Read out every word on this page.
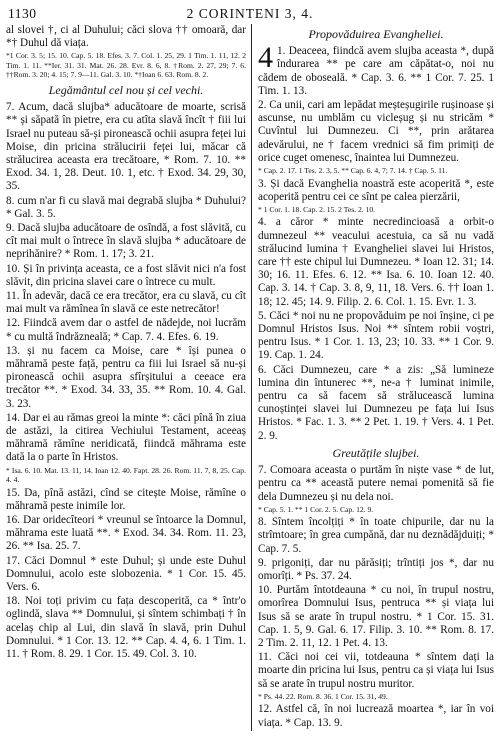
1130	2 CORINTENI 3, 4.
al slovei †, ci al Duhului; căci slova †† omoară, dar *† Duhul dă viața.
*1 Cor. 3. 5; 15. 10. Cap. 5. 18. Efes. 3. 7. Col. 1. 25, 29. 1 Tim. 1. 11, 12. 2 Tim. 1. 11. **Ier. 31. 31. Mat. 26. 28. Evr. 8. 6, 8. †Rom. 2. 27, 29; 7. 6. ††Rom. 3. 20; 4. 15; 7. 9—11. Gal. 3. 10. *†Ioan 6. 63. Rom. 8. 2.
Legământul cel nou și cel vechi.
7. Acum, dacă slujba* aducătoare de moarte, scrisă ** și săpată în pietre, era cu atîta slavă încît † fiii lui Israel nu puteau să-și pironească ochii asupra feței lui Moise, din pricina strălucirii feței lui, măcar că strălucirea aceasta era trecătoare, * Rom. 7. 10. ** Exod. 34. 1, 28. Deut. 10. 1, etc. † Exod. 34. 29, 30, 35.
8. cum n'ar fi cu slavă mai degrabă slujba * Duhului? * Gal. 3. 5.
9. Dacă slujba aducătoare de osîndă, a fost slăvită, cu cît mai mult o întrece în slavă slujba * aducătoare de neprihănire? * Rom. 1. 17; 3. 21.
10. Și în privința aceasta, ce a fost slăvit nici n'a fost slăvit, din pricina slavei care o întrece cu mult.
11. În adevăr, dacă ce era trecător, era cu slavă, cu cît mai mult va rămînea în slavă ce este netrecător!
12. Fiindcă avem dar o astfel de nădejde, noi lucrăm * cu multă îndrăzneală; * Cap. 7. 4. Efes. 6. 19.
13. și nu facem ca Moise, care * își punea o măhramă peste față, pentru ca fiii lui Israel să nu-și pironească ochii asupra sfîrșitului a ceeace era trecător **. * Exod. 34. 33, 35. ** Rom. 10. 4. Gal. 3. 23.
14. Dar ei au rămas greoi la minte *: căci pînă în ziua de astăzi, la citirea Vechiului Testament, aceeaș măhramă rămîne neridicată, fiindcă măhrama este dată la o parte în Hristos.
* Isa. 6. 10. Mat. 13. 11, 14. Ioan 12. 40. Fapt. 28. 26. Rom. 11. 7, 8, 25. Cap. 4. 4.
15. Da, pînă astăzi, cînd se citește Moise, rămîne o măhramă peste inimile lor.
16. Dar oridecîteori * vreunul se întoarce la Domnul, măhrama este luată **. * Exod. 34. 34. Rom. 11. 23, 26. ** Isa. 25. 7.
17. Căci Domnul * este Duhul; și unde este Duhul Domnului, acolo este slobozenia. * 1 Cor. 15. 45. Vers. 6.
18. Noi toți privim cu fața descoperită, ca * într'o oglindă, slava ** Domnului, și sîntem schimbați † în acelaș chip al Lui, din slavă în slavă, prin Duhul Domnului. * 1 Cor. 13. 12. ** Cap. 4. 4, 6. 1 Tim. 1. 11. † Rom. 8. 29. 1 Cor. 15. 49. Col. 3. 10.
Propovăduirea Evangheliei.
4 1. Deaceea, fiindcă avem slujba aceasta *, după îndurarea ** pe care am căpătat-o, noi nu cădem de oboseală. * Cap. 3. 6. ** 1 Cor. 7. 25. 1 Tim. 1. 13.
2. Ca unii, cari am lepădat meșteșugirile rușinoase și ascunse, nu umblăm cu vicleșug și nu stricăm * Cuvîntul lui Dumnezeu. Ci **, prin arătarea adevărului, ne † facem vrednici să fim primiți de orice cuget omenesc, înaintea lui Dumnezeu.
* Cap. 2. 17. 1 Tes. 2. 3, 5. ** Cap. 6. 4, 7; 7. 14. † Cap. 5. 11.
3. Și dacă Evanghelia noastră este acoperită *, este acoperită pentru cei ce sînt pe calea pierzării,
* 1 Cor. 1. 18. Cap. 2. 15. 2 Tes. 2. 10.
4. a căror * minte necredincioasă a orbit-o dumnezeul ** veacului acestuia, ca să nu vadă strălucind lumina † Evangheliei slavei lui Hristos, care †† este chipul lui Dumnezeu. * Ioan 12. 31; 14. 30; 16. 11. Efes. 6. 12. ** Isa. 6. 10. Ioan 12. 40. Cap. 3. 14. † Cap. 3. 8, 9, 11, 18. Vers. 6. †† Ioan 1. 18; 12. 45; 14. 9. Filip. 2. 6. Col. 1. 15. Evr. 1. 3.
5. Căci * noi nu ne propovăduim pe noi înșine, ci pe Domnul Hristos Isus. Noi ** sîntem robii voștri, pentru Isus. * 1 Cor. 1. 13, 23; 10. 33. ** 1 Cor. 9. 19. Cap. 1. 24.
6. Căci Dumnezeu, care * a zis: „Să lumineze lumina din întunerec **, ne-a † luminat inimile, pentru ca să facem să strălucească lumina cunoștinței slavei lui Dumnezeu pe fața lui Isus Hristos. * Fac. 1. 3. ** 2 Pet. 1. 19. † Vers. 4. 1 Pet. 2. 9.
Greutățile slujbei.
7. Comoara aceasta o purtăm în niște vase * de lut, pentru ca ** această putere nemai pomenită să fie dela Dumnezeu și nu dela noi.
* Cap. 5. 1. ** 1 Cor. 2. 5. Cap. 12. 9.
8. Sîntem încolțiți * în toate chipurile, dar nu la strîmtoare; în grea cumpănă, dar nu deznădăjduiți; * Cap. 7. 5.
9. prigoniți, dar nu părăsiți; trîntiți jos *, dar nu omorîți. * Ps. 37. 24.
10. Purtăm întotdeauna * cu noi, în trupul nostru, omorîrea Domnului Isus, pentruca ** și viața lui Isus să se arate în trupul nostru. * 1 Cor. 15. 31. Cap. 1. 5, 9. Gal. 6. 17. Filip. 3. 10. ** Rom. 8. 17. 2 Tim. 2. 11, 12. 1 Pet. 4. 13.
11. Căci noi cei vii, totdeauna * sîntem dați la moarte din pricina lui Isus, pentru ca și viața lui Isus să se arate în trupul nostru muritor.
* Ps. 44. 22. Rom. 8. 36. 1 Cor. 15. 31, 49.
12. Astfel că, în noi lucrează moartea *, iar în voi viața. * Cap. 13. 9.
